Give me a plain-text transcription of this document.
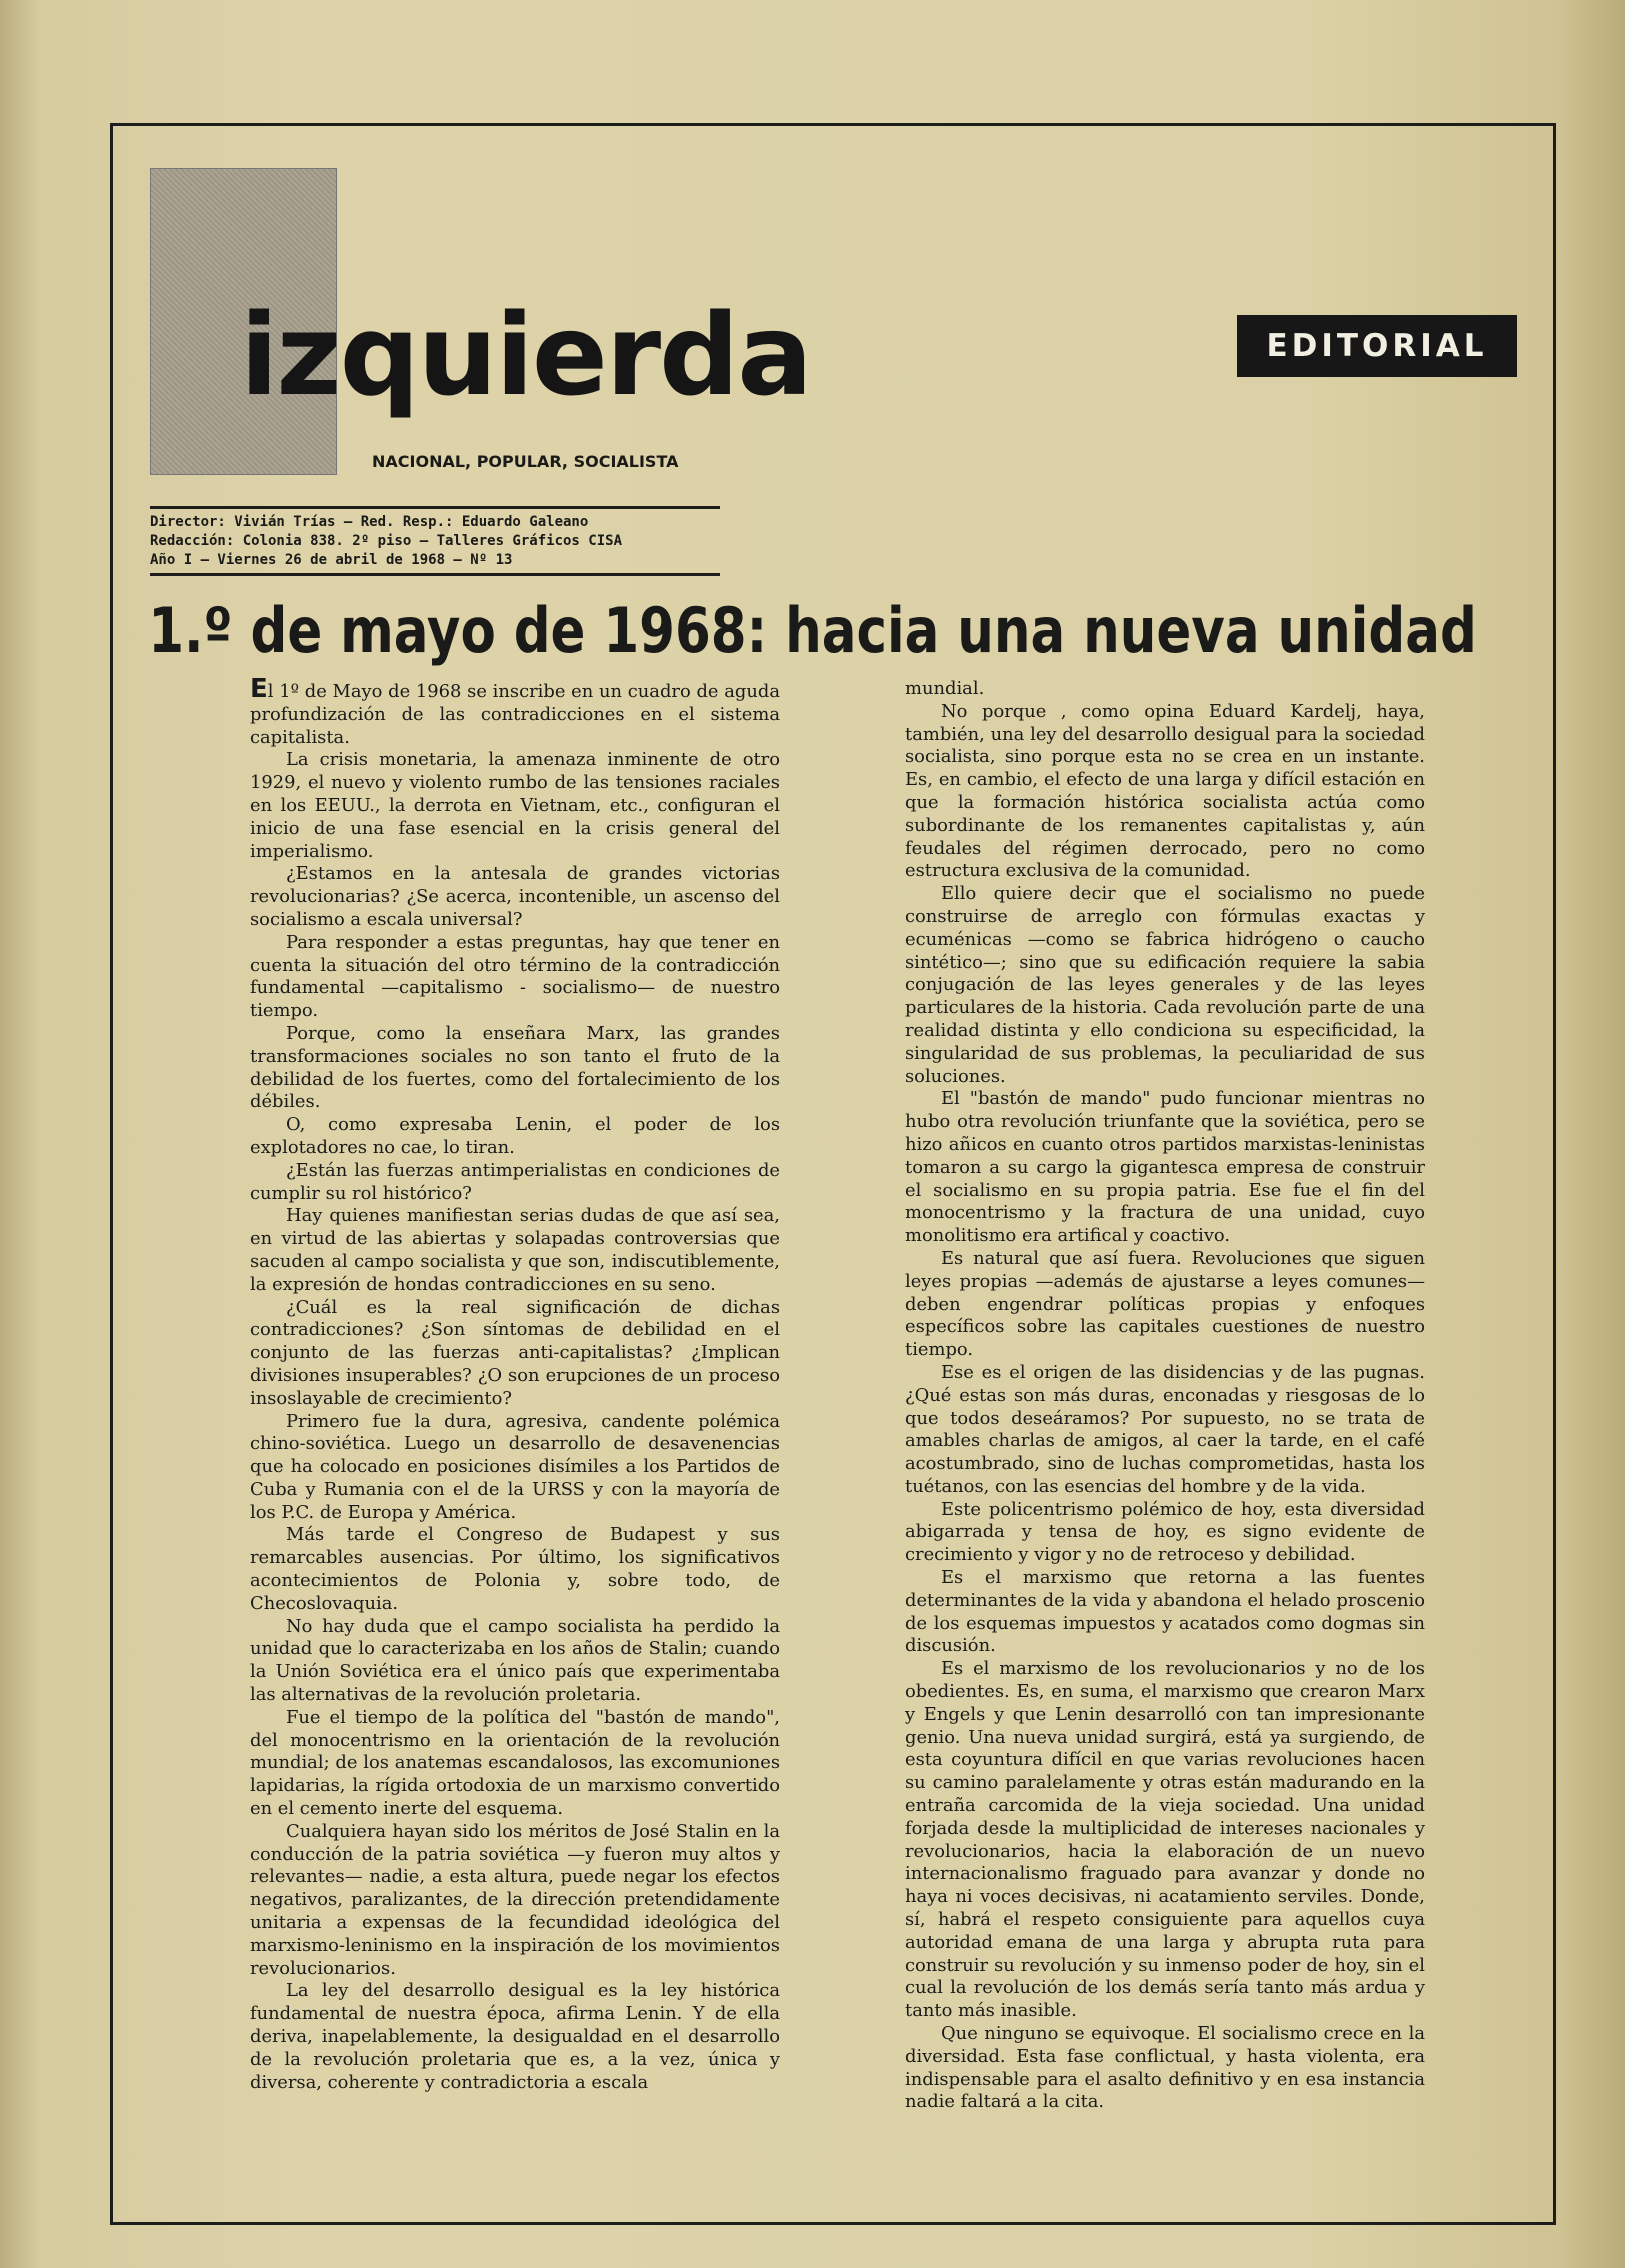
izquierda
NACIONAL, POPULAR, SOCIALISTA
Director: Vivián Trías — Red. Resp.: Eduardo Galeano
Redacción: Colonia 838. 2º piso — Talleres Gráficos CISA
Año I — Viernes 26 de abril de 1968 — Nº 13
EDITORIAL
1.º de mayo de 1968: hacia una nueva unidad

El 1º de Mayo de 1968 se inscribe en un cuadro de aguda profundización de las contradicciones en el sistema capitalista.

La crisis monetaria, la amenaza inminente de otro 1929, el nuevo y violento rumbo de las tensiones raciales en los EEUU., la derrota en Vietnam, etc., configuran el inicio de una fase esencial en la crisis general del imperialismo.

¿Estamos en la antesala de grandes victorias revolucionarias? ¿Se acerca, incontenible, un ascenso del socialismo a escala universal?

Para responder a estas preguntas, hay que tener en cuenta la situación del otro término de la contradicción fundamental —capitalismo - socialismo— de nuestro tiempo.

Porque, como la enseñara Marx, las grandes transformaciones sociales no son tanto el fruto de la debilidad de los fuertes, como del fortalecimiento de los débiles.

O, como expresaba Lenin, el poder de los explotadores no cae, lo tiran.

¿Están las fuerzas antimperialistas en condiciones de cumplir su rol histórico?

Hay quienes manifiestan serias dudas de que así sea, en virtud de las abiertas y solapadas controversias que sacuden al campo socialista y que son, indiscutiblemente, la expresión de hondas contradicciones en su seno.

¿Cuál es la real significación de dichas contradicciones? ¿Son síntomas de debilidad en el conjunto de las fuerzas anti-capitalistas? ¿Implican divisiones insuperables? ¿O son erupciones de un proceso insoslayable de crecimiento?

Primero fue la dura, agresiva, candente polémica chino-soviética. Luego un desarrollo de desavenencias que ha colocado en posiciones disímiles a los Partidos de Cuba y Rumania con el de la URSS y con la mayoría de los P.C. de Europa y América.

Más tarde el Congreso de Budapest y sus remarcables ausencias. Por último, los significativos acontecimientos de Polonia y, sobre todo, de Checoslovaquia.

No hay duda que el campo socialista ha perdido la unidad que lo caracterizaba en los años de Stalin; cuando la Unión Soviética era el único país que experimentaba las alternativas de la revolución proletaria.

Fue el tiempo de la política del "bastón de mando", del monocentrismo en la orientación de la revolución mundial; de los anatemas escandalosos, las excomuniones lapidarias, la rígida ortodoxia de un marxismo convertido en el cemento inerte del esquema.

Cualquiera hayan sido los méritos de José Stalin en la conducción de la patria soviética —y fueron muy altos y relevantes— nadie, a esta altura, puede negar los efectos negativos, paralizantes, de la dirección pretendidamente unitaria a expensas de la fecundidad ideológica del marxismo-leninismo en la inspiración de los movimientos revolucionarios.

La ley del desarrollo desigual es la ley histórica fundamental de nuestra época, afirma Lenin. Y de ella deriva, inapelablemente, la desigualdad en el desarrollo de la revolución proletaria que es, a la vez, única y diversa, coherente y contradictoria a escala

mundial.

No porque , como opina Eduard Kardelj, haya, también, una ley del desarrollo desigual para la sociedad socialista, sino porque esta no se crea en un instante. Es, en cambio, el efecto de una larga y difícil estación en que la formación histórica socialista actúa como subordinante de los remanentes capitalistas y, aún feudales del régimen derrocado, pero no como estructura exclusiva de la comunidad.

Ello quiere decir que el socialismo no puede construirse de arreglo con fórmulas exactas y ecuménicas —como se fabrica hidrógeno o caucho sintético—; sino que su edificación requiere la sabia conjugación de las leyes generales y de las leyes particulares de la historia. Cada revolución parte de una realidad distinta y ello condiciona su especificidad, la singularidad de sus problemas, la peculiaridad de sus soluciones.

El "bastón de mando" pudo funcionar mientras no hubo otra revolución triunfante que la soviética, pero se hizo añicos en cuanto otros partidos marxistas-leninistas tomaron a su cargo la gigantesca empresa de construir el socialismo en su propia patria. Ese fue el fin del monocentrismo y la fractura de una unidad, cuyo monolitismo era artifical y coactivo.

Es natural que así fuera. Revoluciones que siguen leyes propias —además de ajustarse a leyes comunes— deben engendrar políticas propias y enfoques específicos sobre las capitales cuestiones de nuestro tiempo.

Ese es el origen de las disidencias y de las pugnas. ¿Qué estas son más duras, enconadas y riesgosas de lo que todos deseáramos? Por supuesto, no se trata de amables charlas de amigos, al caer la tarde, en el café acostumbrado, sino de luchas comprometidas, hasta los tuétanos, con las esencias del hombre y de la vida.

Este policentrismo polémico de hoy, esta diversidad abigarrada y tensa de hoy, es signo evidente de crecimiento y vigor y no de retroceso y debilidad.

Es el marxismo que retorna a las fuentes determinantes de la vida y abandona el helado proscenio de los esquemas impuestos y acatados como dogmas sin discusión.

Es el marxismo de los revolucionarios y no de los obedientes. Es, en suma, el marxismo que crearon Marx y Engels y que Lenin desarrolló con tan impresionante genio. Una nueva unidad surgirá, está ya surgiendo, de esta coyuntura difícil en que varias revoluciones hacen su camino paralelamente y otras están madurando en la entraña carcomida de la vieja sociedad. Una unidad forjada desde la multiplicidad de intereses nacionales y revolucionarios, hacia la elaboración de un nuevo internacionalismo fraguado para avanzar y donde no haya ni voces decisivas, ni acatamiento serviles. Donde, sí, habrá el respeto consiguiente para aquellos cuya autoridad emana de una larga y abrupta ruta para construir su revolución y su inmenso poder de hoy, sin el cual la revolución de los demás sería tanto más ardua y tanto más inasible.

Que ninguno se equivoque. El socialismo crece en la diversidad. Esta fase conflictual, y hasta violenta, era indispensable para el asalto definitivo y en esa instancia nadie faltará a la cita.
